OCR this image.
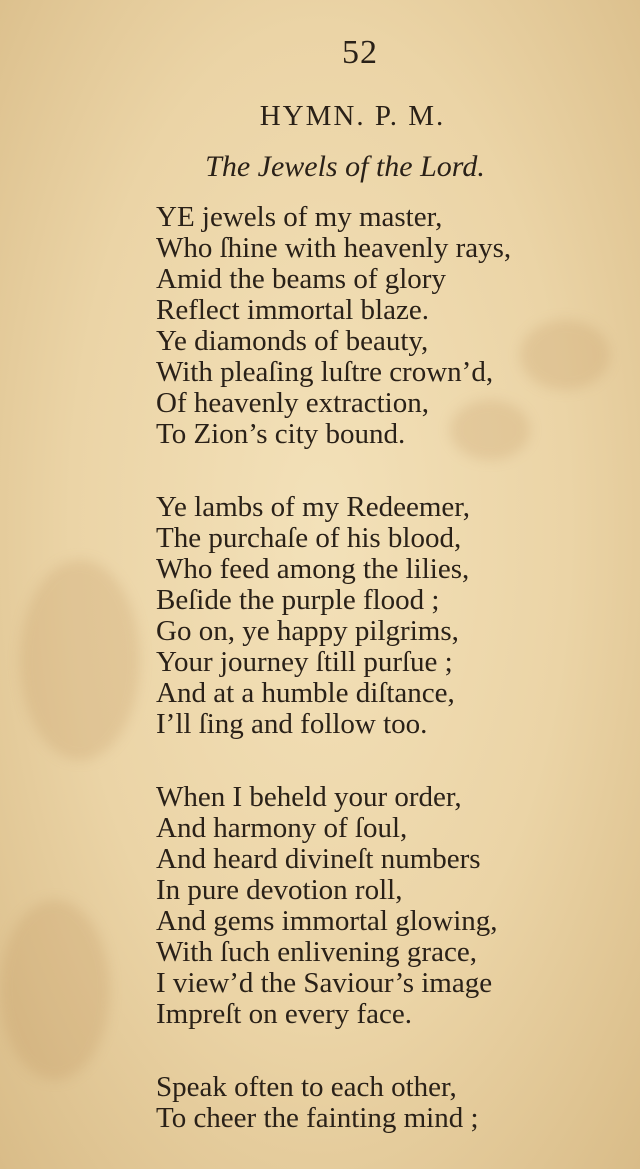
52
HYMN. P. M.
The Jewels of the Lord.
YE jewels of my master,
Who ſhine with heavenly rays,
Amid the beams of glory
Reflect immortal blaze.
Ye diamonds of beauty,
With pleaſing luſtre crown’d,
Of heavenly extraction,
To Zion’s city bound.
Ye lambs of my Redeemer,
The purchaſe of his blood,
Who feed among the lilies,
Beſide the purple flood ;
Go on, ye happy pilgrims,
Your journey ſtill purſue ;
And at a humble diſtance,
I’ll ſing and follow too.
When I beheld your order,
And harmony of ſoul,
And heard divineſt numbers
In pure devotion roll,
And gems immortal glowing,
With ſuch enlivening grace,
I view’d the Saviour’s image
Impreſt on every face.
Speak often to each other,
To cheer the fainting mind ;
